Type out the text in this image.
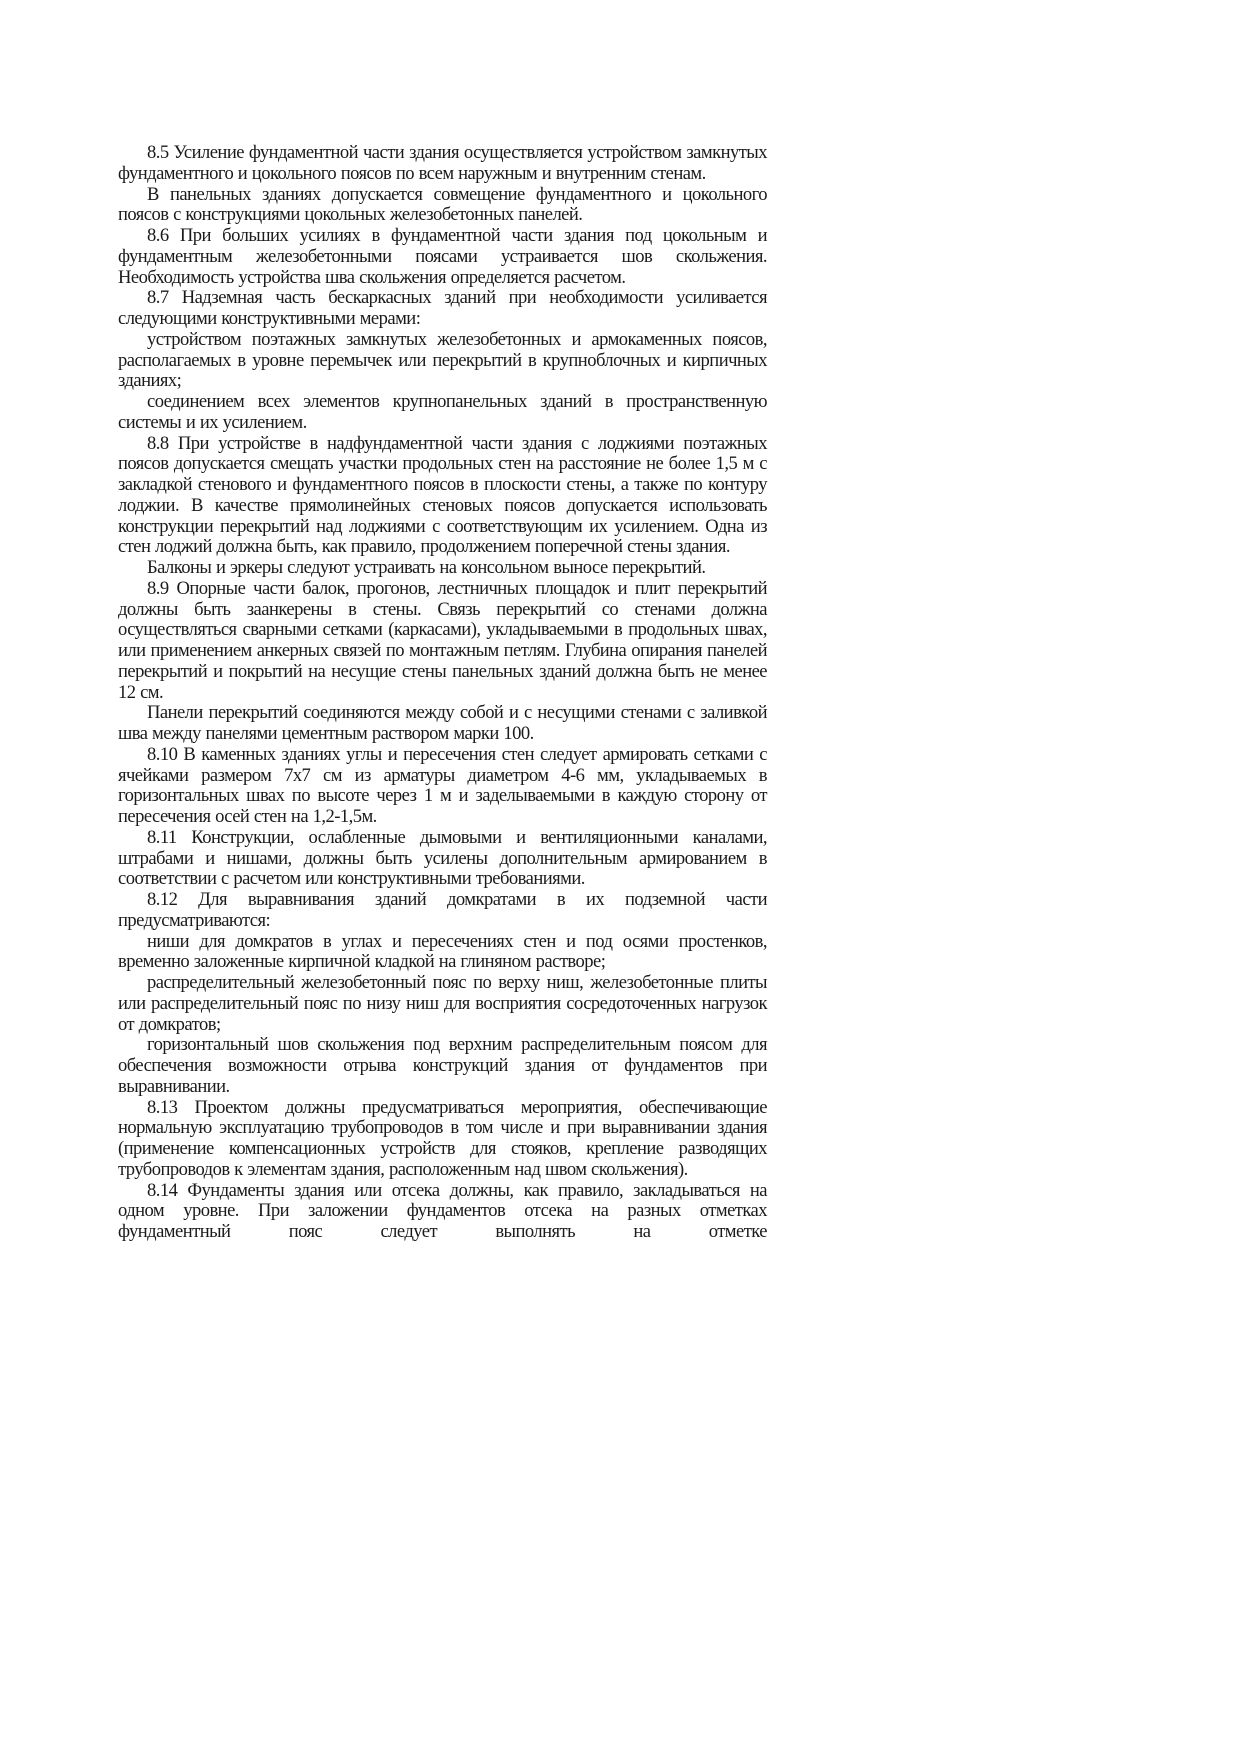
8.5 Усиление фундаментной части здания осуществляется устройством замкнутых фундаментного и цокольного поясов по всем наружным и внутренним стенам.

В панельных зданиях допускается совмещение фундаментного и цокольного поясов с конструкциями цокольных железобетонных панелей.

8.6 При больших усилиях в фундаментной части здания под цокольным и фундаментным железобетонными поясами устраивается шов скольжения. Необходимость устройства шва скольжения определяется расчетом.

8.7 Надземная часть бескаркасных зданий при необходимости усиливается следующими конструктивными мерами:

устройством поэтажных замкнутых железобетонных и армокаменных поясов, располагаемых в уровне перемычек или перекрытий в крупноблочных и кирпичных зданиях;

соединением всех элементов крупнопанельных зданий в пространственную системы и их усилением.

8.8 При устройстве в надфундаментной части здания с лоджиями поэтажных поясов допускается смещать участки продольных стен на расстояние не более 1,5 м с закладкой стенового и фундаментного поясов в плоскости стены, а также по контуру лоджии. В качестве прямолинейных стеновых поясов допускается использовать конструкции перекрытий над лоджиями с соответствующим их усилением. Одна из стен лоджий должна быть, как правило, продолжением поперечной стены здания.

Балконы и эркеры следуют устраивать на консольном выносе перекрытий.

8.9 Опорные части балок, прогонов, лестничных площадок и плит перекрытий должны быть заанкерены в стены. Связь перекрытий со стенами должна осуществляться сварными сетками (каркасами), укладываемыми в продольных швах, или применением анкерных связей по монтажным петлям. Глубина опирания панелей перекрытий и покрытий на несущие стены панельных зданий должна быть не менее 12 см.

Панели перекрытий соединяются между собой и с несущими стенами с заливкой шва между панелями цементным раствором марки 100.

8.10 В каменных зданиях углы и пересечения стен следует армировать сетками с ячейками размером 7х7 см из арматуры диаметром 4-6 мм, укладываемых в горизонтальных швах по высоте через 1 м и заделываемыми в каждую сторону от пересечения осей стен на 1,2-1,5м.

8.11 Конструкции, ослабленные дымовыми и вентиляционными каналами, штрабами и нишами, должны быть усилены дополнительным армированием в соответствии с расчетом или конструктивными требованиями.

8.12 Для выравнивания зданий домкратами в их подземной части предусматриваются:

ниши для домкратов в углах и пересечениях стен и под осями простенков, временно заложенные кирпичной кладкой на глиняном растворе;

распределительный железобетонный пояс по верху ниш, железобетонные плиты или распределительный пояс по низу ниш для восприятия сосредоточенных нагрузок от домкратов;

горизонтальный шов скольжения под верхним распределительным поясом для обеспечения возможности отрыва конструкций здания от фундаментов при выравнивании.

8.13 Проектом должны предусматриваться мероприятия, обеспечивающие нормальную эксплуатацию трубопроводов в том числе и при выравнивании здания (применение компенсационных устройств для стояков, крепление разводящих трубопроводов к элементам здания, расположенным над швом скольжения).

8.14 Фундаменты здания или отсека должны, как правило, закладываться на одном уровне. При заложении фундаментов отсека на разных отметках фундаментный пояс следует выполнять на отметке
